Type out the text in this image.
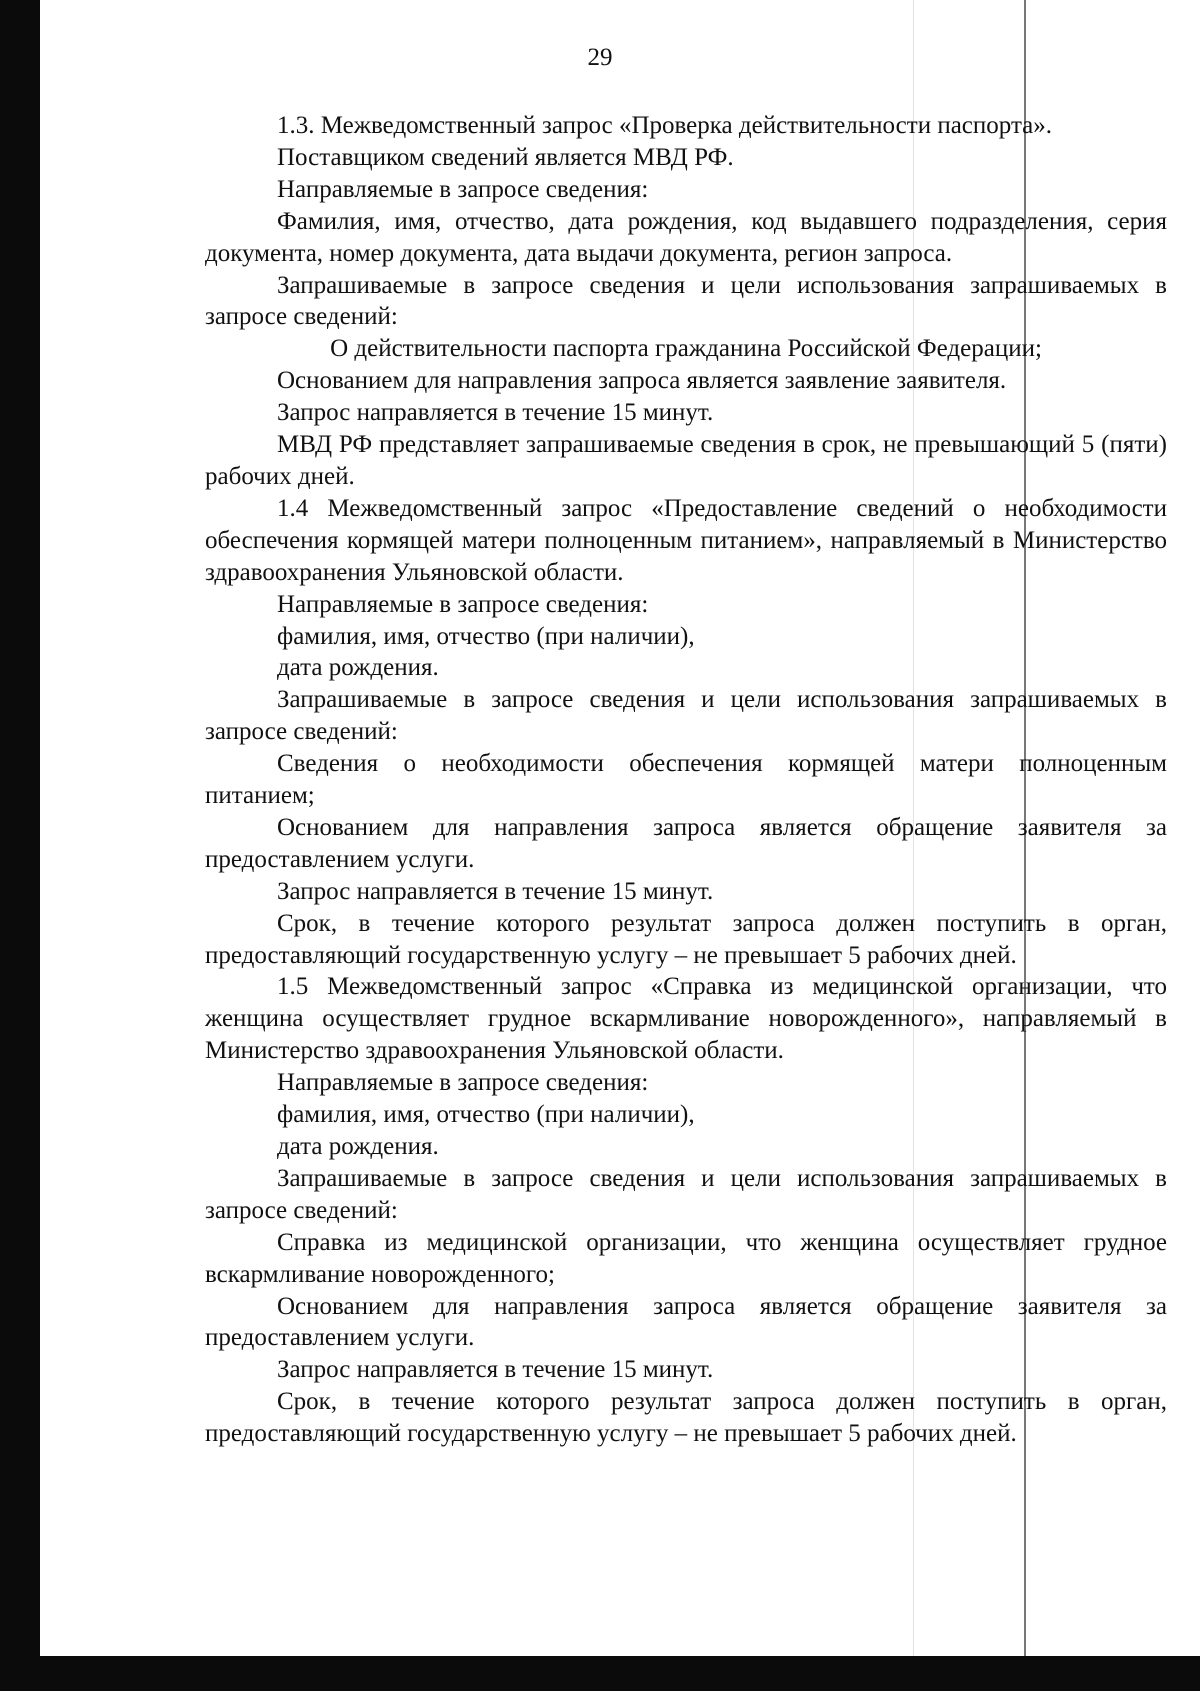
29

1.3. Межведомственный запрос «Проверка действительности паспорта».

Поставщиком сведений является МВД РФ.

Направляемые в запросе сведения:

Фамилия, имя, отчество, дата рождения, код выдавшего подразделения, серия документа, номер документа, дата выдачи документа, регион запроса.

Запрашиваемые в запросе сведения и цели использования запрашиваемых в запросе сведений:

О действительности паспорта гражданина Российской Федерации;

Основанием для направления запроса является заявление заявителя.

Запрос направляется в течение 15 минут.

МВД РФ представляет запрашиваемые сведения в срок, не превышающий 5 (пяти) рабочих дней.

1.4 Межведомственный запрос «Предоставление сведений о необходимости обеспечения кормящей матери полноценным питанием», направляемый в Министерство здравоохранения Ульяновской области.

Направляемые в запросе сведения:

фамилия, имя, отчество (при наличии),

дата рождения.

Запрашиваемые в запросе сведения и цели использования запрашиваемых в запросе сведений:

Сведения о необходимости обеспечения кормящей матери полноценным питанием;

Основанием для направления запроса является обращение заявителя за предоставлением услуги.

Запрос направляется в течение 15 минут.

Срок, в течение которого результат запроса должен поступить в орган, предоставляющий государственную услугу – не превышает 5 рабочих дней.

1.5 Межведомственный запрос «Справка из медицинской организации, что женщина осуществляет грудное вскармливание новорожденного», направляемый в Министерство здравоохранения Ульяновской области.

Направляемые в запросе сведения:

фамилия, имя, отчество (при наличии),

дата рождения.

Запрашиваемые в запросе сведения и цели использования запрашиваемых в запросе сведений:

Справка из медицинской организации, что женщина осуществляет грудное вскармливание новорожденного;

Основанием для направления запроса является обращение заявителя за предоставлением услуги.

Запрос направляется в течение 15 минут.

Срок, в течение которого результат запроса должен поступить в орган, предоставляющий государственную услугу – не превышает 5 рабочих дней.
